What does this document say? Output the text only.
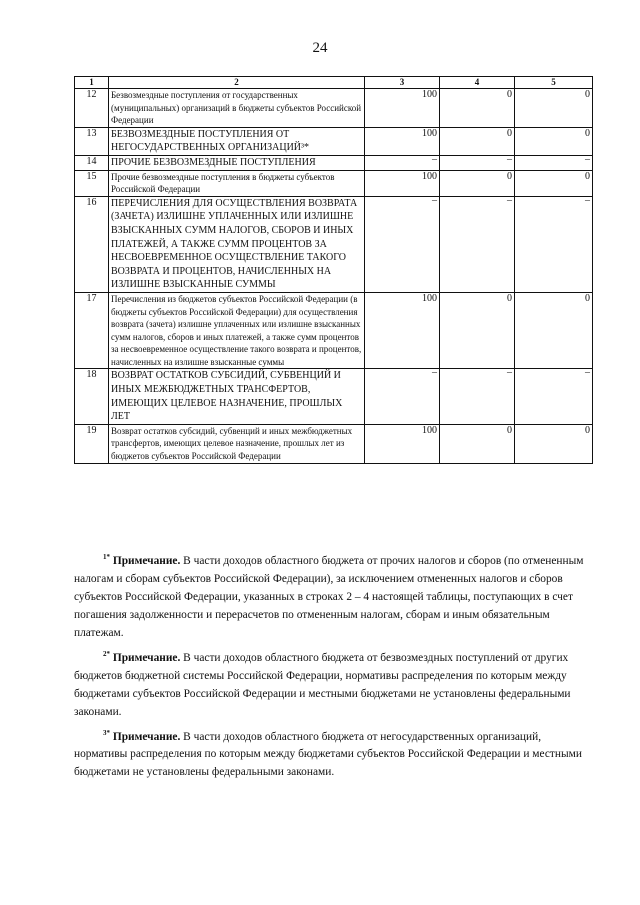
24
1	2	3	4	5
12	Безвозмездные поступления от государственных (муниципальных) организаций в бюджеты субъектов Российской Федерации	100	0	0
13	БЕЗВОЗМЕЗДНЫЕ ПОСТУПЛЕНИЯ ОТ НЕГОСУДАРСТВЕННЫХ ОРГАНИЗАЦИЙ³*	100	0	0
14	ПРОЧИЕ БЕЗВОЗМЕЗДНЫЕ ПОСТУПЛЕНИЯ	–	–	–
15	Прочие безвозмездные поступления в бюджеты субъектов Российской Федерации	100	0	0
16	ПЕРЕЧИСЛЕНИЯ ДЛЯ ОСУЩЕСТВЛЕНИЯ ВОЗВРАТА (ЗАЧЕТА) ИЗЛИШНЕ УПЛАЧЕННЫХ ИЛИ ИЗЛИШНЕ ВЗЫСКАННЫХ СУММ НАЛОГОВ, СБОРОВ И ИНЫХ ПЛАТЕЖЕЙ, А ТАКЖЕ СУММ ПРОЦЕНТОВ ЗА НЕСВОЕВРЕМЕННОЕ ОСУЩЕСТВЛЕНИЕ ТАКОГО ВОЗВРАТА И ПРОЦЕНТОВ, НАЧИСЛЕННЫХ НА ИЗЛИШНЕ ВЗЫСКАННЫЕ СУММЫ	–	–	–
17	Перечисления из бюджетов субъектов Российской Федерации (в бюджеты субъектов Российской Федерации) для осуществления возврата (зачета) излишне уплаченных или излишне взысканных сумм налогов, сборов и иных платежей, а также сумм процентов за несвоевременное осуществление такого возврата и процентов, начисленных на излишне взысканные суммы	100	0	0
18	ВОЗВРАТ ОСТАТКОВ СУБСИДИЙ, СУБВЕНЦИЙ И ИНЫХ МЕЖБЮДЖЕТНЫХ ТРАНСФЕРТОВ, ИМЕЮЩИХ ЦЕЛЕВОЕ НАЗНАЧЕНИЕ, ПРОШЛЫХ ЛЕТ	–	–	–
19	Возврат остатков субсидий, субвенций и иных межбюджетных трансфертов, имеющих целевое назначение, прошлых лет из бюджетов субъектов Российской Федерации	100	0	0

$^{1*}$ Примечание. В части доходов областного бюджета от прочих налогов и сборов (по отмененным налогам и сборам субъектов Российской Федерации), за исключением отмененных налогов и сборов субъектов Российской Федерации, указанных в строках 2 – 4 настоящей таблицы, поступающих в счет погашения задолженности и перерасчетов по отмененным налогам, сборам и иным обязательным платежам.

$^{2*}$ Примечание. В части доходов областного бюджета от безвозмездных поступлений от других бюджетов бюджетной системы Российской Федерации, нормативы распределения по которым между бюджетами субъектов Российской Федерации и местными бюджетами не установлены федеральными законами.

$^{3*}$ Примечание. В части доходов областного бюджета от негосударственных организаций, нормативы распределения по которым между бюджетами субъектов Российской Федерации и местными бюджетами не установлены федеральными законами.
